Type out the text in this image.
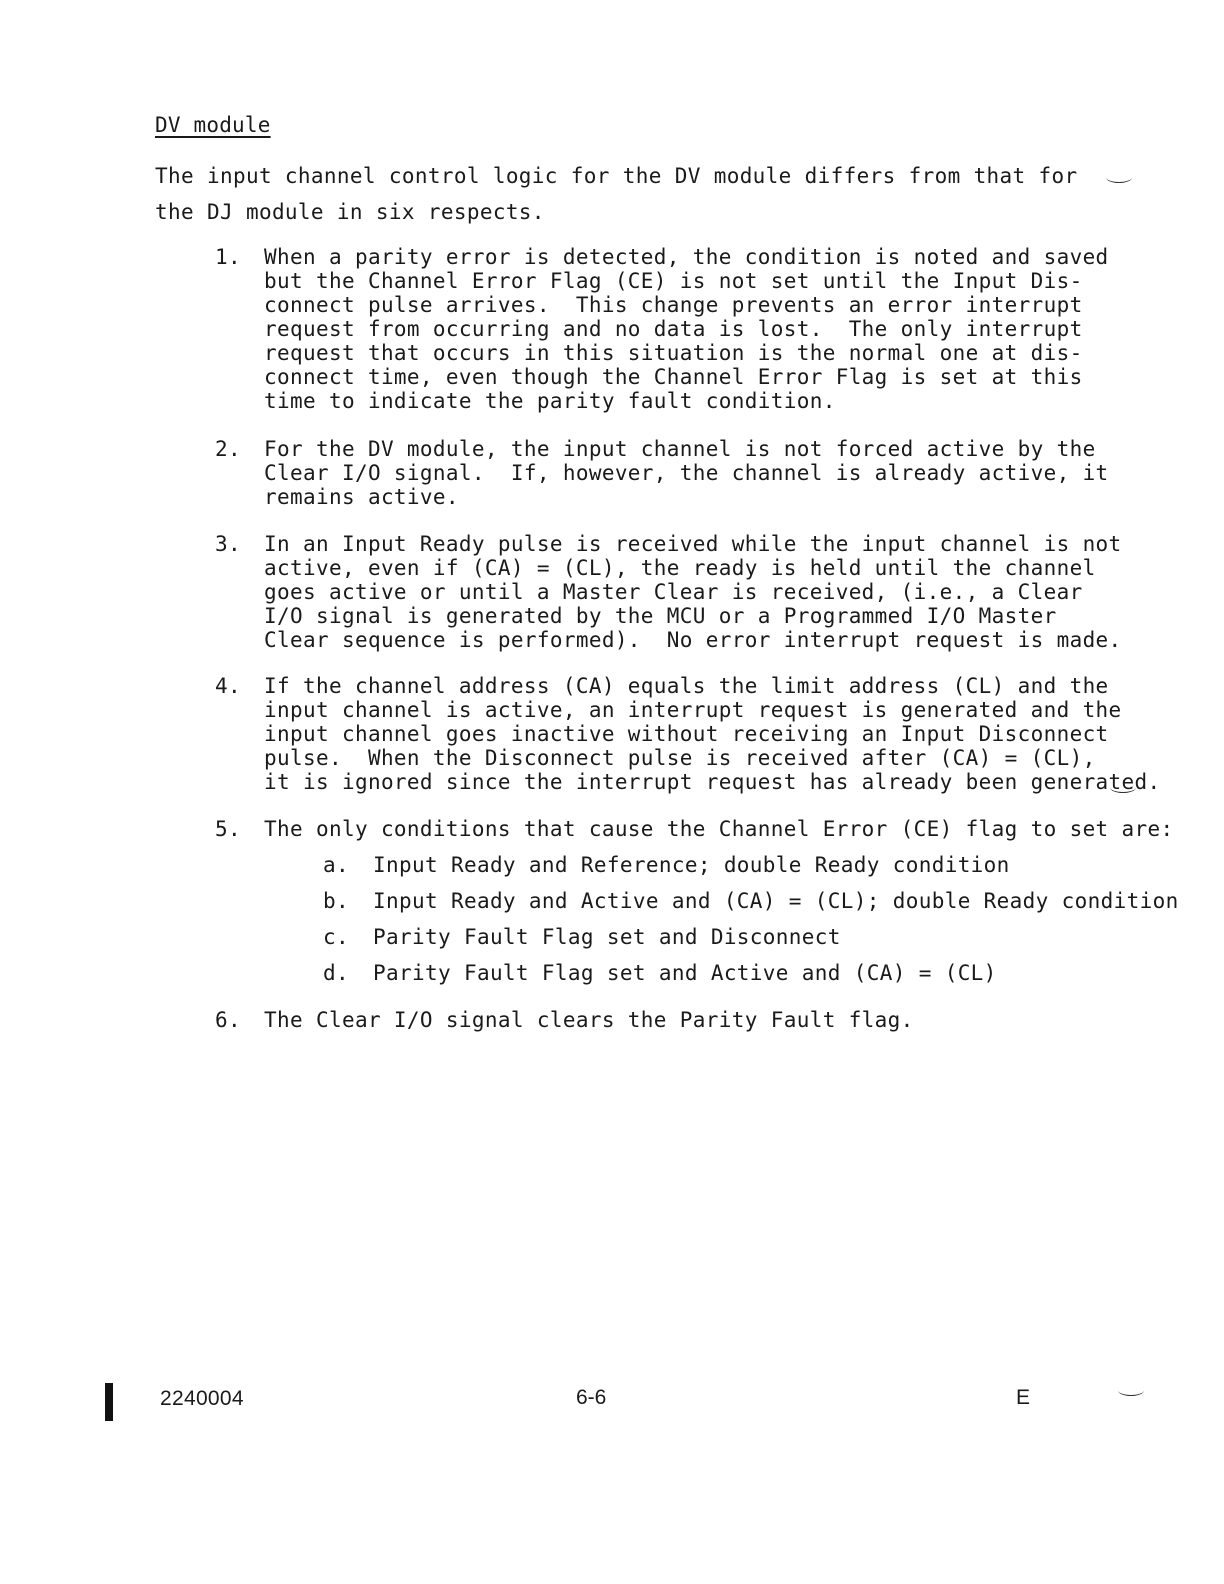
DV module
The input channel control logic for the DV module differs from that for
the DJ module in six respects.
1.	When a parity error is detected, the condition is noted and saved
but the Channel Error Flag (CE) is not set until the Input Dis-
connect pulse arrives.  This change prevents an error interrupt
request from occurring and no data is lost.  The only interrupt
request that occurs in this situation is the normal one at dis-
connect time, even though the Channel Error Flag is set at this
time to indicate the parity fault condition.
2.	For the DV module, the input channel is not forced active by the
Clear I/O signal.  If, however, the channel is already active, it
remains active.
3.	In an Input Ready pulse is received while the input channel is not
active, even if (CA) = (CL), the ready is held until the channel
goes active or until a Master Clear is received, (i.e., a Clear
I/O signal is generated by the MCU or a Programmed I/O Master
Clear sequence is performed).  No error interrupt request is made.
4.	If the channel address (CA) equals the limit address (CL) and the
input channel is active, an interrupt request is generated and the
input channel goes inactive without receiving an Input Disconnect
pulse.  When the Disconnect pulse is received after (CA) = (CL),
it is ignored since the interrupt request has already been generated.
5.	The only conditions that cause the Channel Error (CE) flag to set are:

a.

Input Ready and Reference; double Ready condition

b.

Input Ready and Active and (CA) = (CL); double Ready condition

c.

Parity Fault Flag set and Disconnect

d.

Parity Fault Flag set and Active and (CA) = (CL)

6.	The Clear I/O signal clears the Parity Fault flag.
2240004	6-6	E
